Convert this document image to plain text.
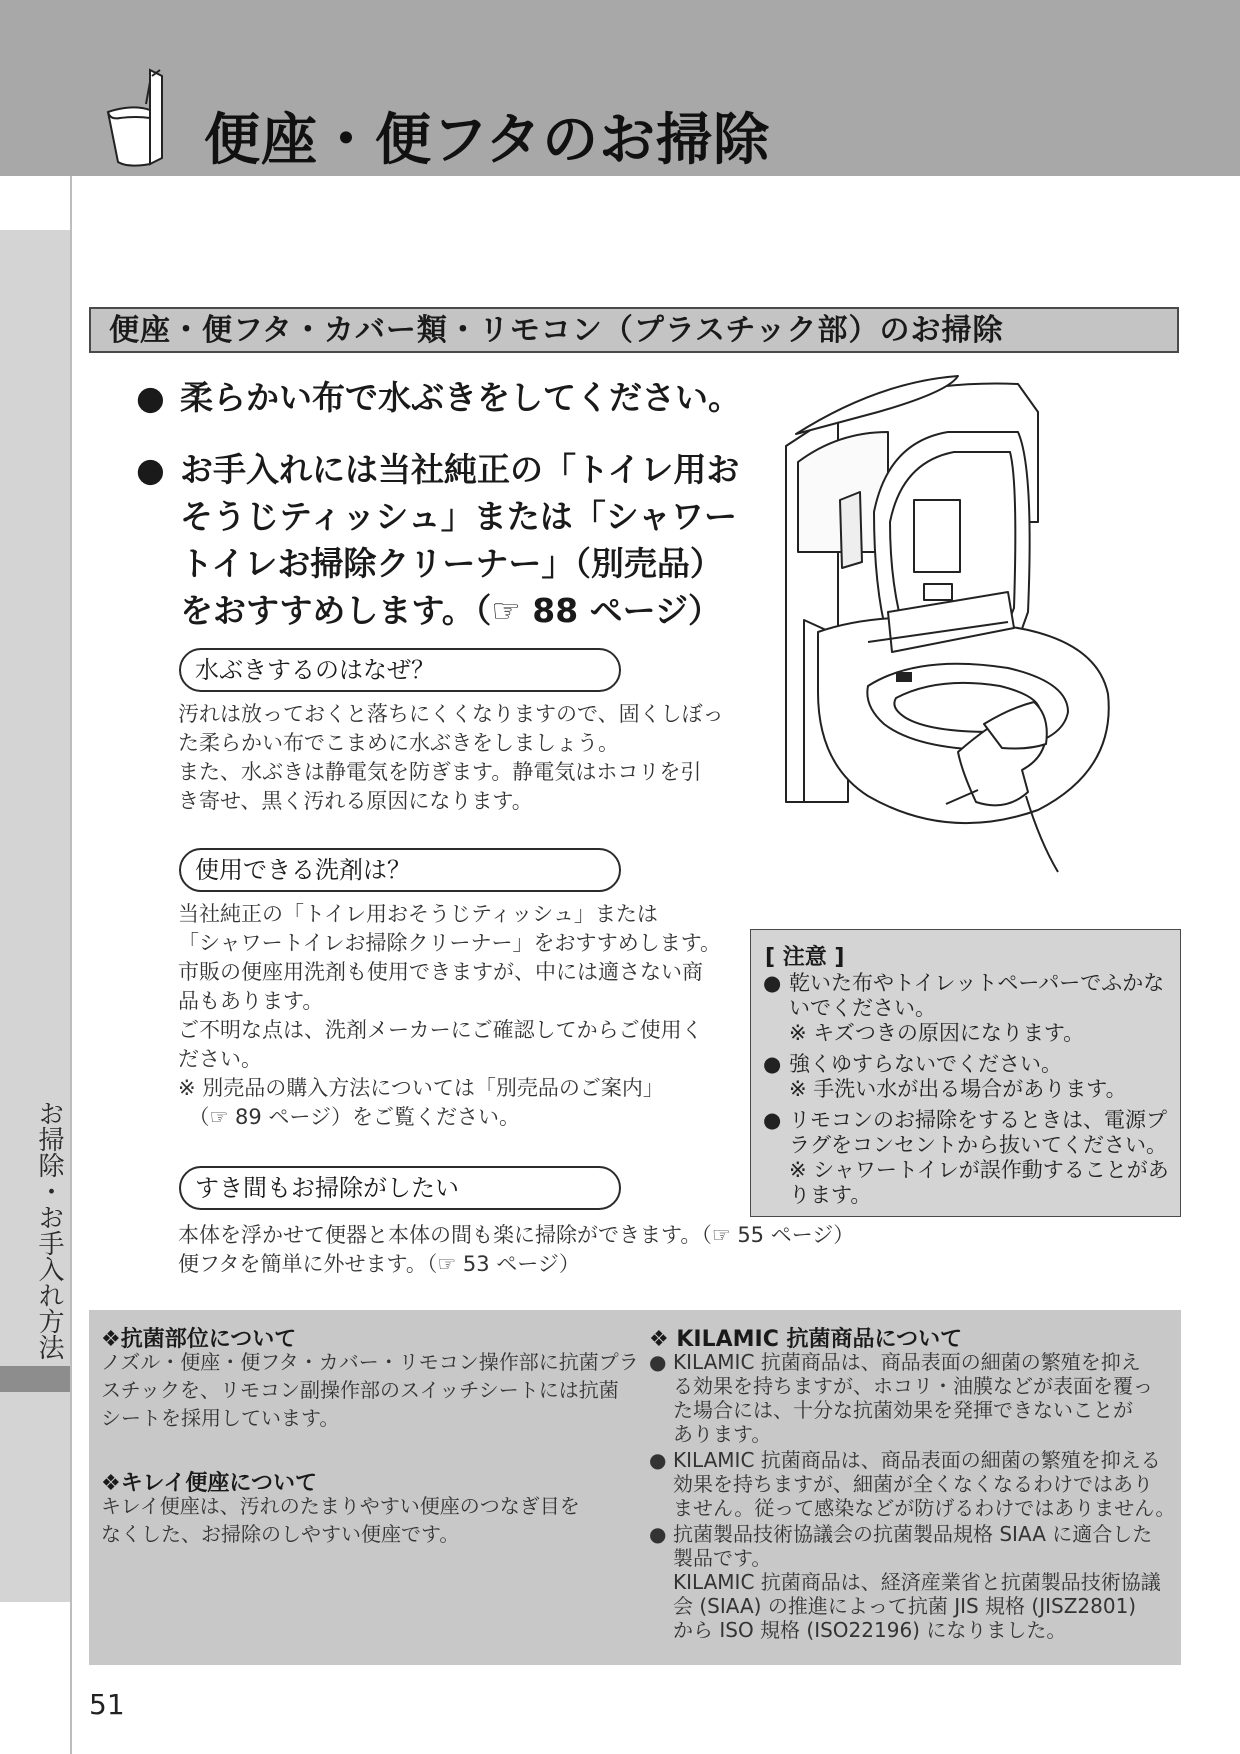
便座・便フタのお掃除
お掃除・お手入れ方法
便座・便フタ・カバー類・リモコン（プラスチック部）のお掃除
● 柔らかい布で水ぶきをしてください。
● お手入れには当社純正の「トイレ用お
そうじティッシュ」または「シャワー
トイレお掃除クリーナー」（別売品）
をおすすめします。（☞ 88 ページ）
水ぶきするのはなぜ？
汚れは放っておくと落ちにくくなりますので、固くしぼっ
た柔らかい布でこまめに水ぶきをしましょう。
また、水ぶきは静電気を防ぎます。静電気はホコリを引
き寄せ、黒く汚れる原因になります。
使用できる洗剤は？
当社純正の「トイレ用おそうじティッシュ」または
「シャワートイレお掃除クリーナー」をおすすめします。
市販の便座用洗剤も使用できますが、中には適さない商
品もあります。
ご不明な点は、洗剤メーカーにご確認してからご使用く
ださい。
※ 別売品の購入方法については「別売品のご案内」
　（☞ 89 ページ）をご覧ください。
すき間もお掃除がしたい
本体を浮かせて便器と本体の間も楽に掃除ができます。（☞ 55 ページ）
便フタを簡単に外せます。（☞ 53 ページ）
[ 注意 ]
● 乾いた布やトイレットペーパーでふかな
いでください。
※ キズつきの原因になります。
● 強くゆすらないでください。
※ 手洗い水が出る場合があります。
● リモコンのお掃除をするときは、電源プ
ラグをコンセントから抜いてください。
※ シャワートイレが誤作動することがあ
ります。
❖抗菌部位について
ノズル・便座・便フタ・カバー・リモコン操作部に抗菌プラ
スチックを、リモコン副操作部のスイッチシートには抗菌
シートを採用しています。
❖キレイ便座について
キレイ便座は、汚れのたまりやすい便座のつなぎ目を
なくした、お掃除のしやすい便座です。
❖ KILAMIC 抗菌商品について
● KILAMIC 抗菌商品は、商品表面の細菌の繁殖を抑え
る効果を持ちますが、ホコリ・油膜などが表面を覆っ
た場合には、十分な抗菌効果を発揮できないことが
あります。
● KILAMIC 抗菌商品は、商品表面の細菌の繁殖を抑える
効果を持ちますが、細菌が全くなくなるわけではあり
ません。従って感染などが防げるわけではありません。
● 抗菌製品技術協議会の抗菌製品規格 SIAA に適合した
製品です。
KILAMIC 抗菌商品は、経済産業省と抗菌製品技術協議
会 (SIAA) の推進によって抗菌 JIS 規格 (JISZ2801)
から ISO 規格 (ISO22196) になりました。
51
